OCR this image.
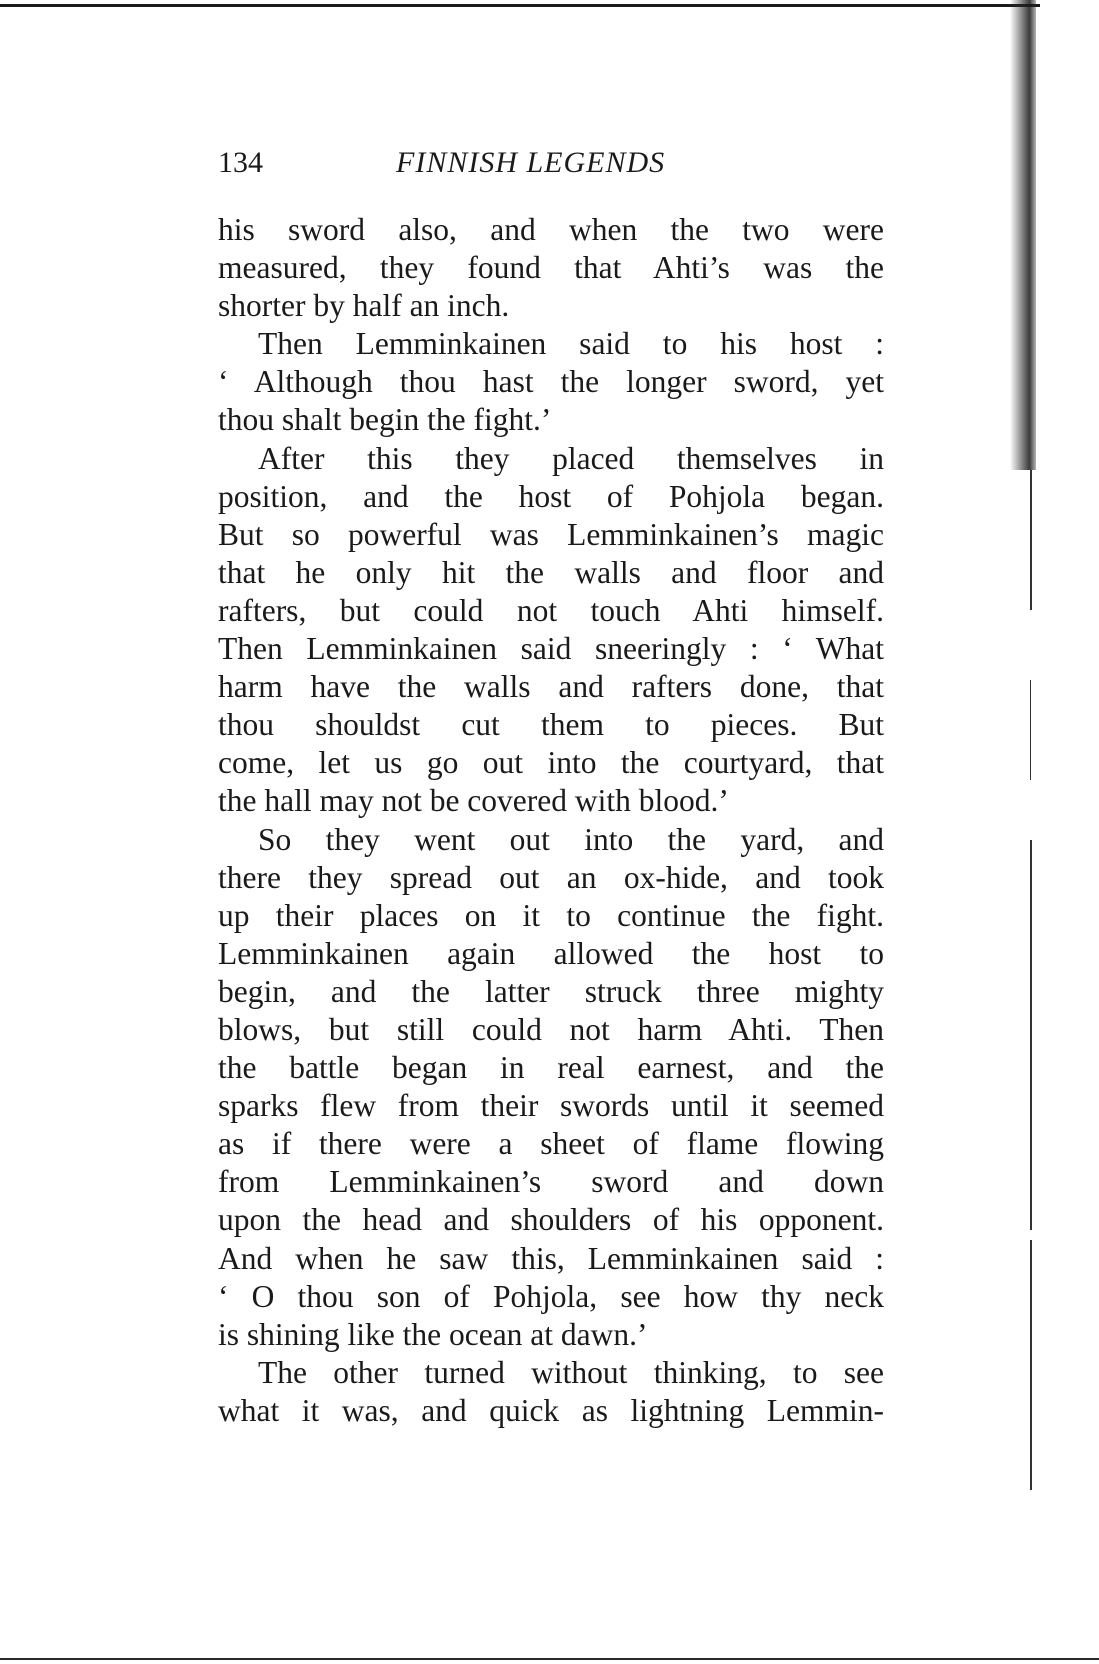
134	FINNISH LEGENDS
his sword also, and when the two were
measured, they found that Ahti’s was the
shorter by half an inch.
Then Lemminkainen said to his host :
‘ Although thou hast the longer sword, yet
thou shalt begin the fight.’
After this they placed themselves in
position, and the host of Pohjola began.
But so powerful was Lemminkainen’s magic
that he only hit the walls and floor and
rafters, but could not touch Ahti himself.
Then Lemminkainen said sneeringly : ‘ What
harm have the walls and rafters done, that
thou shouldst cut them to pieces. But
come, let us go out into the courtyard, that
the hall may not be covered with blood.’
So they went out into the yard, and
there they spread out an ox-hide, and took
up their places on it to continue the fight.
Lemminkainen again allowed the host to
begin, and the latter struck three mighty
blows, but still could not harm Ahti. Then
the battle began in real earnest, and the
sparks flew from their swords until it seemed
as if there were a sheet of flame flowing
from Lemminkainen’s sword and down
upon the head and shoulders of his opponent.
And when he saw this, Lemminkainen said :
‘ O thou son of Pohjola, see how thy neck
is shining like the ocean at dawn.’
The other turned without thinking, to see
what it was, and quick as lightning Lemmin-
